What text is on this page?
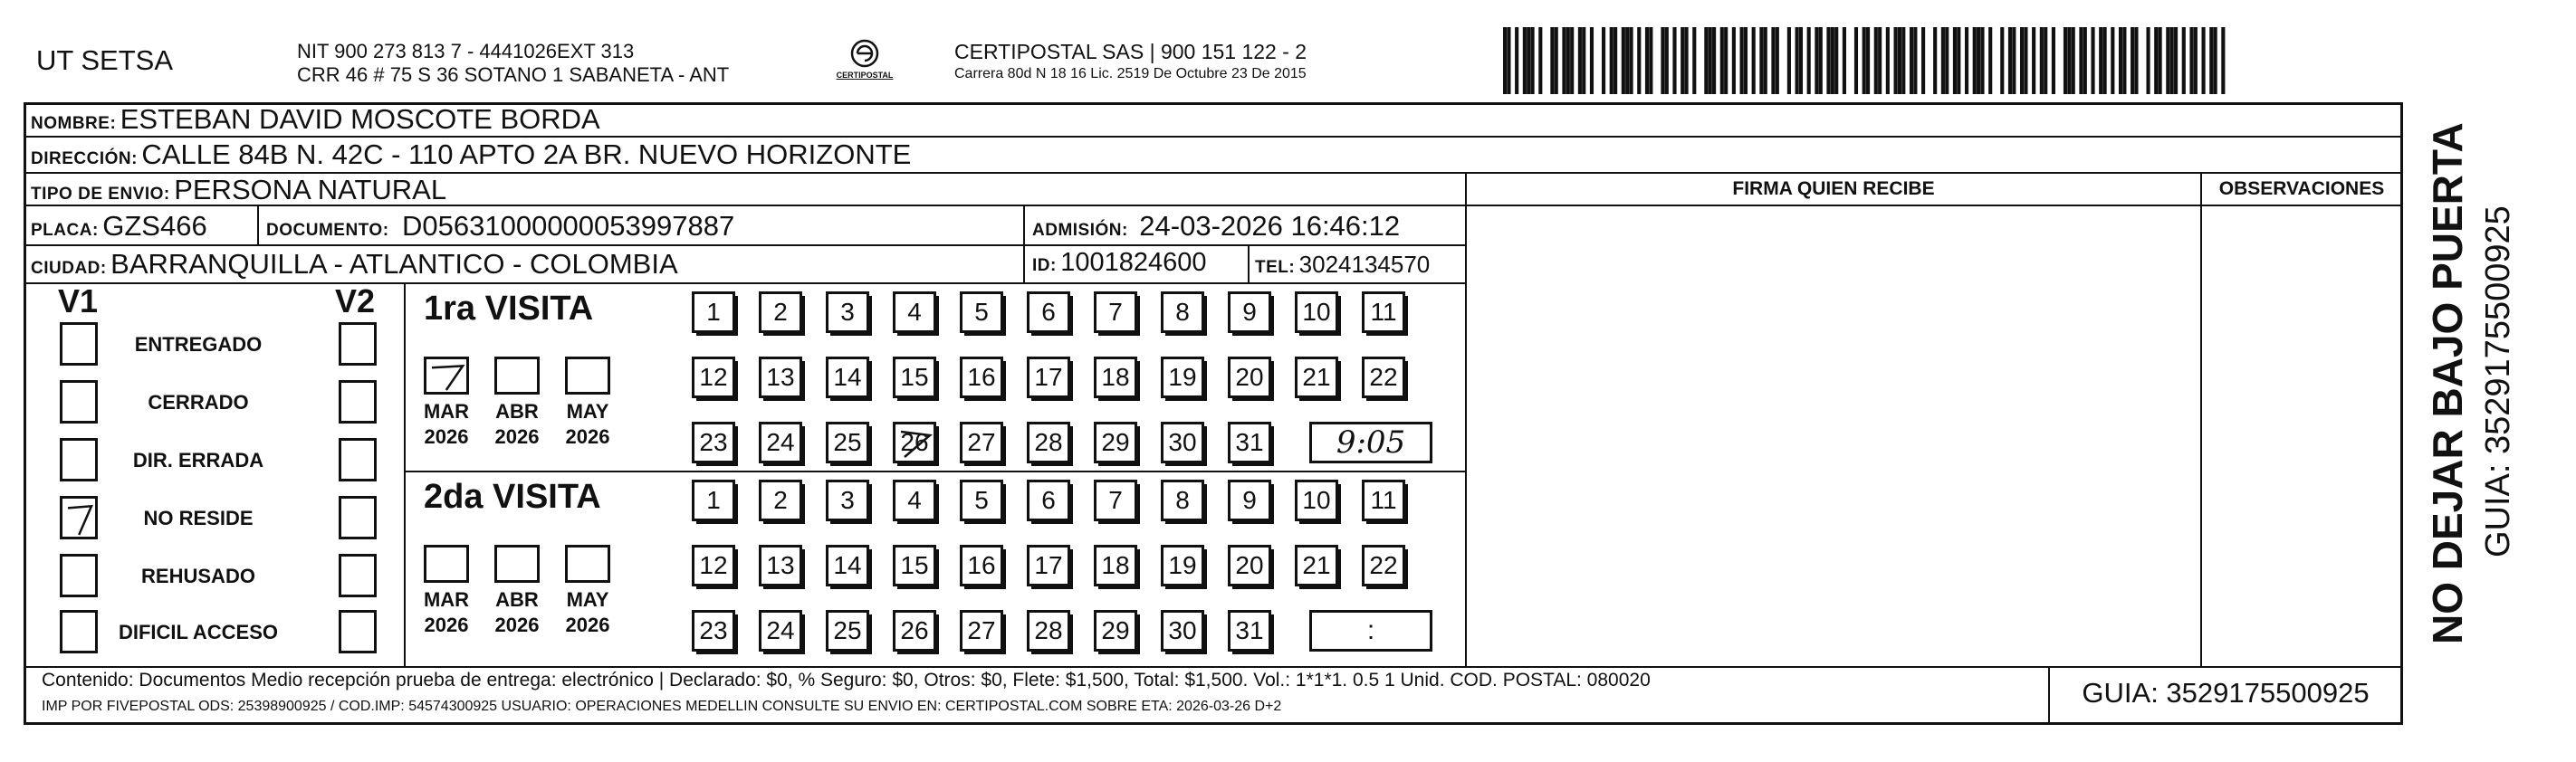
UT SETSA	NIT 900 273 813 7 - 4441026EXT 313
CRR 46 # 75 S 36 SOTANO 1 SABANETA - ANT	CERTIPOSTAL
CERTIPOSTAL SAS | 900 151 122 - 2
Carrera 80d N 18 16 Lic. 2519 De Octubre 23 De 2015
NOMBRE: ESTEBAN DAVID MOSCOTE BORDA
DIRECCIÓN: CALLE 84B N. 42C - 110 APTO 2A BR. NUEVO HORIZONTE
TIPO DE ENVIO: PERSONA NATURAL
PLACA: GZS466	DOCUMENTO: D05631000000053997887	ADMISIÓN: 24-03-2026 16:46:12
CIUDAD: BARRANQUILLA - ATLANTICO - COLOMBIA	ID: 1001824600	TEL: 3024134570
FIRMA QUIEN RECIBE	OBSERVACIONES
V1	V2
ENTREGADO
CERRADO
DIR. ERRADA
NO RESIDE
REHUSADO
DIFICIL ACCESO
1ra VISITA
MAR
2026
ABR
2026
MAY
2026
1 2 3 4 5 6 7 8 9 10 11
12 13 14 15 16 17 18 19 20 21 22
23 24 25 26 27 28 29 30 31 9:05
2da VISITA
MAR
2026
ABR
2026
MAY
2026
1 2 3 4 5 6 7 8 9 10 11
12 13 14 15 16 17 18 19 20 21 22
23 24 25 26 27 28 29 30 31	:
Contenido: Documentos Medio recepción prueba de entrega: electrónico | Declarado: $0, % Seguro: $0, Otros: $0, Flete: $1,500, Total: $1,500. Vol.: 1*1*1. 0.5 1 Unid. COD. POSTAL: 080020
IMP POR FIVEPOSTAL ODS: 25398900925 / COD.IMP: 54574300925 USUARIO: OPERACIONES MEDELLIN CONSULTE SU ENVIO EN: CERTIPOSTAL.COM SOBRE ETA: 2026-03-26 D+2	GUIA: 3529175500925
NO DEJAR BAJO PUERTA GUIA: 3529175500925
